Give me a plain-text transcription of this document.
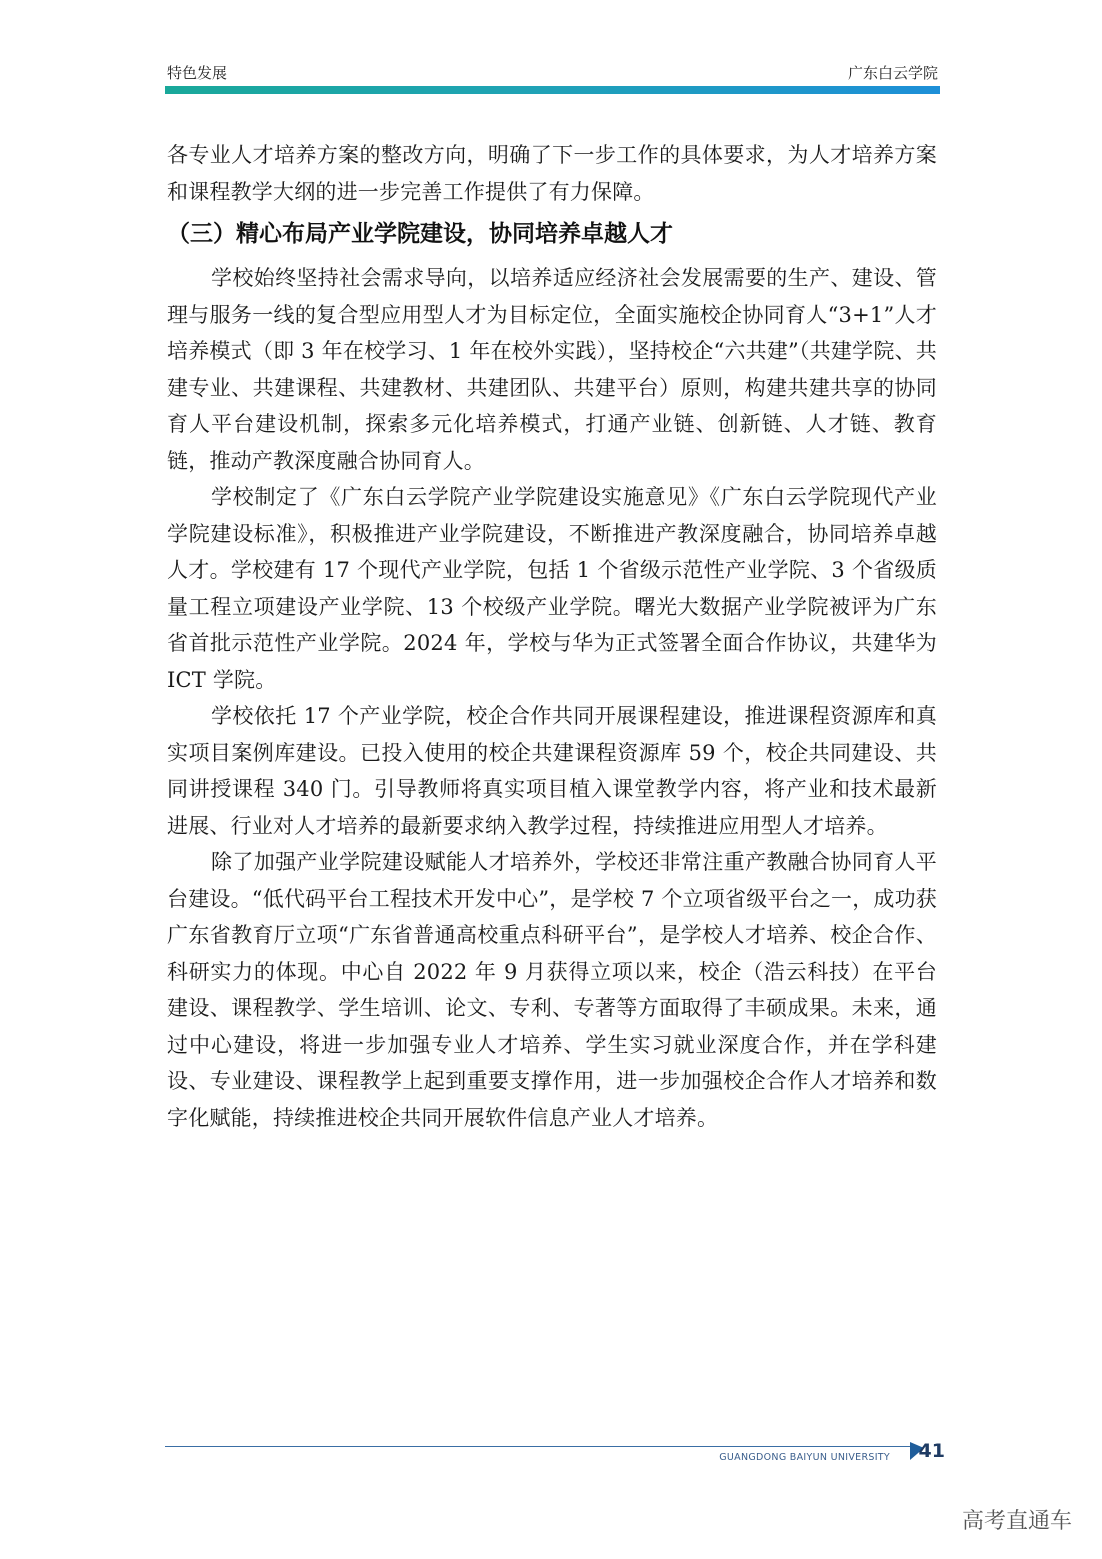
特色发展	广东白云学院

各专业人才培养方案的整改方向，明确了下一步工作的具体要求，为人才培养方案和课程教学大纲的进一步完善工作提供了有力保障。

（三）精心布局产业学院建设，协同培养卓越人才

学校始终坚持社会需求导向，以培养适应经济社会发展需要的生产、建设、管理与服务一线的复合型应用型人才为目标定位，全面实施校企协同育人“3+1”人才培养模式（即 3 年在校学习、1 年在校外实践），坚持校企“六共建”（共建学院、共建专业、共建课程、共建教材、共建团队、共建平台）原则，构建共建共享的协同育人平台建设机制，探索多元化培养模式，打通产业链、创新链、人才链、教育链，推动产教深度融合协同育人。

学校制定了《广东白云学院产业学院建设实施意见》《广东白云学院现代产业学院建设标准》，积极推进产业学院建设，不断推进产教深度融合，协同培养卓越人才。学校建有 17 个现代产业学院，包括 1 个省级示范性产业学院、3 个省级质量工程立项建设产业学院、13 个校级产业学院。曙光大数据产业学院被评为广东省首批示范性产业学院。2024 年，学校与华为正式签署全面合作协议，共建华为 ICT 学院。

学校依托 17 个产业学院，校企合作共同开展课程建设，推进课程资源库和真实项目案例库建设。已投入使用的校企共建课程资源库 59 个，校企共同建设、共同讲授课程 340 门。引导教师将真实项目植入课堂教学内容，将产业和技术最新进展、行业对人才培养的最新要求纳入教学过程，持续推进应用型人才培养。

除了加强产业学院建设赋能人才培养外，学校还非常注重产教融合协同育人平台建设。“低代码平台工程技术开发中心”，是学校 7 个立项省级平台之一，成功获广东省教育厅立项“广东省普通高校重点科研平台”，是学校人才培养、校企合作、科研实力的体现。中心自 2022 年 9 月获得立项以来，校企（浩云科技）在平台建设、课程教学、学生培训、论文、专利、专著等方面取得了丰硕成果。未来，通过中心建设，将进一步加强专业人才培养、学生实习就业深度合作，并在学科建设、专业建设、课程教学上起到重要支撑作用，进一步加强校企合作人才培养和数字化赋能，持续推进校企共同开展软件信息产业人才培养。

GUANGDONG BAIYUN UNIVERSITY 41
高考直通车
